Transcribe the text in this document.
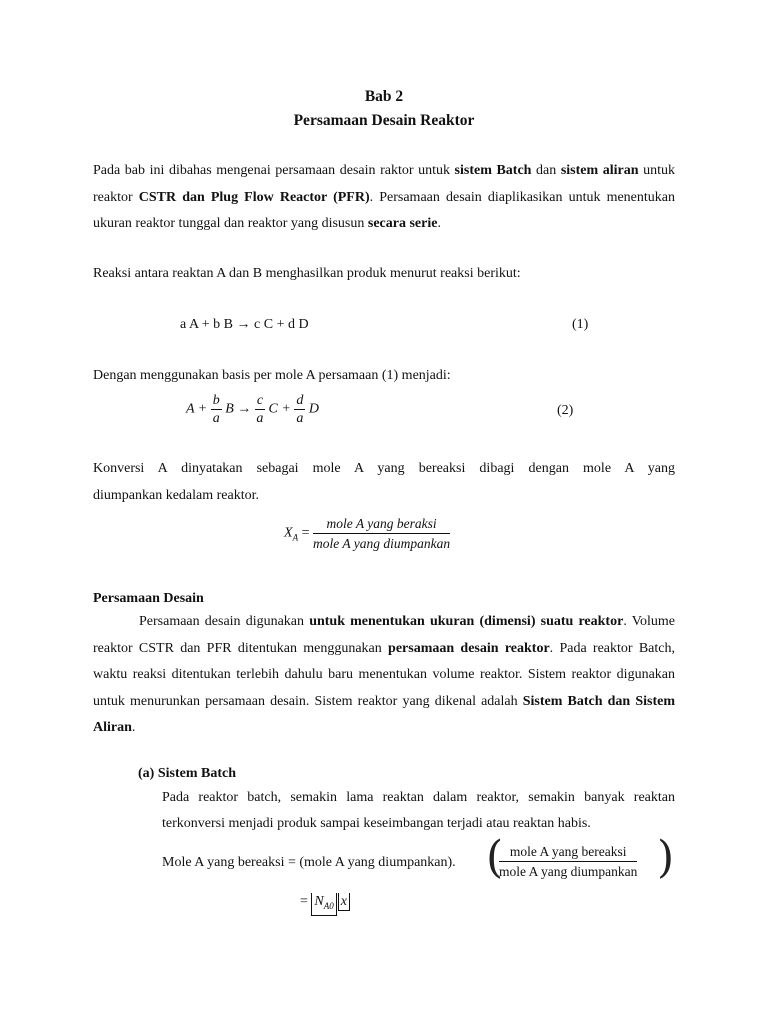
Bab 2
Persamaan Desain Reaktor
Pada bab ini dibahas mengenai persamaan desain raktor untuk sistem Batch dan sistem aliran untuk reaktor CSTR dan Plug Flow Reactor (PFR). Persamaan desain diaplikasikan untuk menentukan ukuran reaktor tunggal dan reaktor yang disusun secara serie.
Reaksi antara reaktan A dan B menghasilkan produk menurut reaksi berikut:
a A + b B → c C + d D	(1)
Dengan menggunakan basis per mole A persamaan (1) menjadi:
$A + \frac{b}{a}$ $B \to \frac{c}{a}$ $C + \frac{d}{a}$ D	(2)
Konversi A dinyatakan sebagai mole A yang bereaksi dibagi dengan mole A yang
diumpankan kedalam reaktor.
$X_A = \frac{\text{mole A yang beraksi}}{\text{mole A yang diumpankan}}$
Persamaan Desain
Persamaan desain digunakan untuk menentukan ukuran (dimensi) suatu reaktor. Volume reaktor CSTR dan PFR ditentukan menggunakan persamaan desain reaktor. Pada reaktor Batch, waktu reaksi ditentukan terlebih dahulu baru menentukan volume reaktor. Sistem reaktor digunakan untuk menurunkan persamaan desain. Sistem reaktor yang dikenal adalah Sistem Batch dan Sistem Aliran.
(a) Sistem Batch
Pada reaktor batch, semakin lama reaktan dalam reaktor, semakin banyak reaktan
terkonversi menjadi produk sampai keseimbangan terjadi atau reaktan habis.
Mole A yang bereaksi = (mole A yang diumpankan). (
$\frac{\text{mole A yang bereaksi}}{\text{mole A yang diumpankan}}$ )
= $N_{A0}$ x
